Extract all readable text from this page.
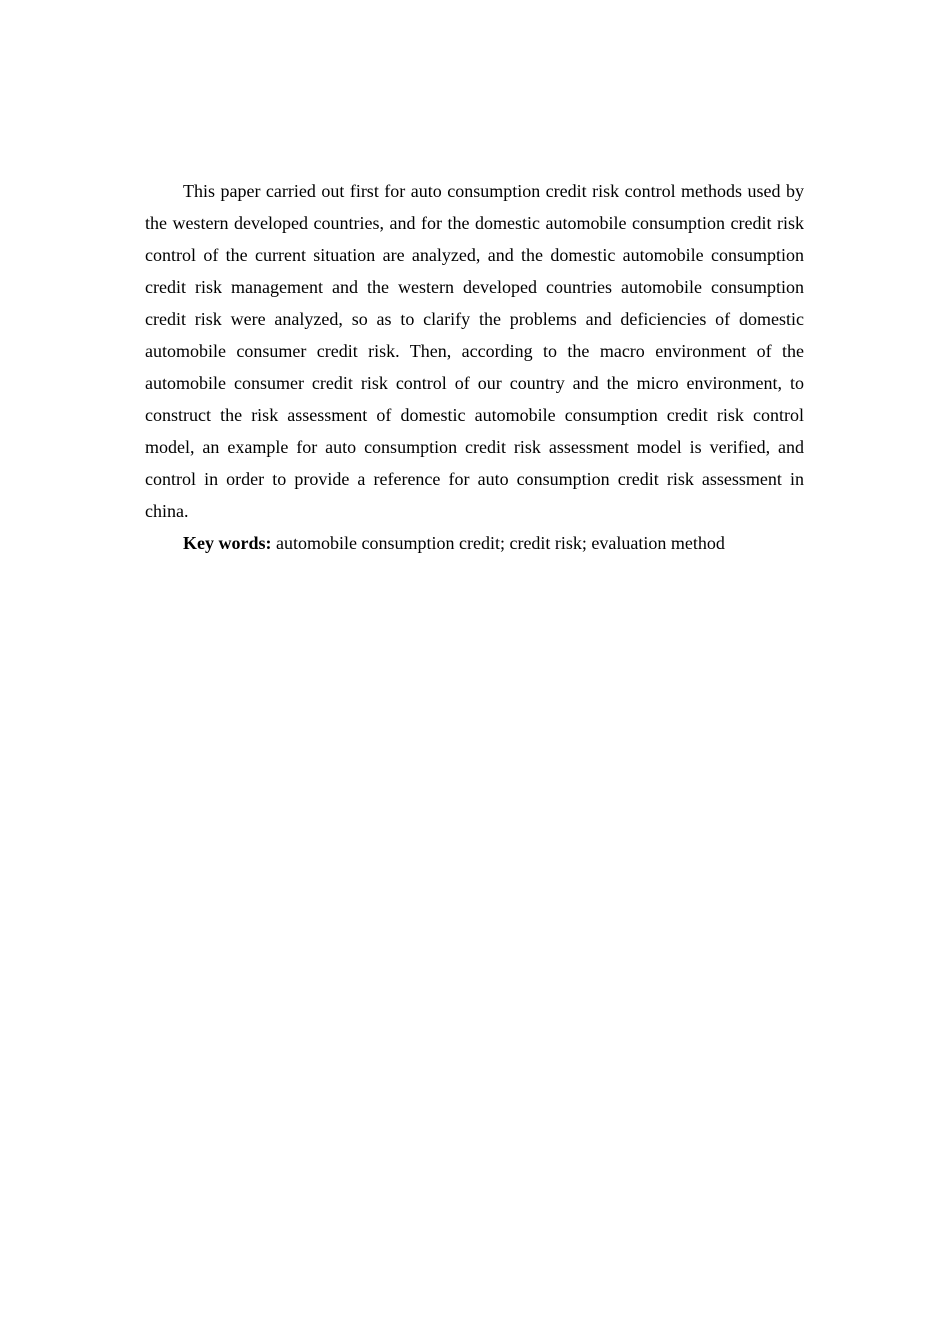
This paper carried out first for auto consumption credit risk control methods used by the western developed countries, and for the domestic automobile consumption credit risk control of the current situation are analyzed, and the domestic automobile consumption credit risk management and the western developed countries automobile consumption credit risk were analyzed, so as to clarify the problems and deficiencies of domestic automobile consumer credit risk. Then, according to the macro environment of the automobile consumer credit risk control of our country and the micro environment, to construct the risk assessment of domestic automobile consumption credit risk control model, an example for auto consumption credit risk assessment model is verified, and control in order to provide a reference for auto consumption credit risk assessment in china.

Key words: automobile consumption credit; credit risk; evaluation method
